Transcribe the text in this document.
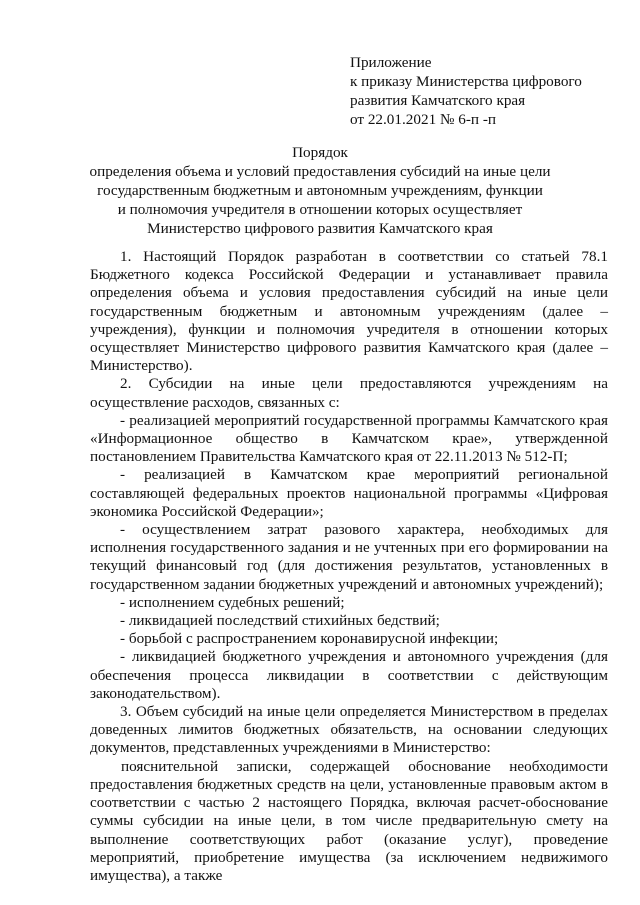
Приложение
к приказу Министерства цифрового
развития Камчатского края
от 22.01.2021 № 6-п -п
Порядок
определения объема и условий предоставления субсидий на иные цели
государственным бюджетным и автономным учреждениям, функции
и полномочия учредителя в отношении которых осуществляет
Министерство цифрового развития Камчатского края

1. Настоящий Порядок разработан в соответствии со статьей 78.1 Бюджетного кодекса Российской Федерации и устанавливает правила определения объема и условия предоставления субсидий на иные цели государственным бюджетным и автономным учреждениям (далее – учреждения), функции и полномочия учредителя в отношении которых осуществляет Министерство цифрового развития Камчатского края (далее – Министерство).

2. Субсидии на иные цели предоставляются учреждениям на осуществление расходов, связанных с:

- реализацией мероприятий государственной программы Камчатского края «Информационное общество в Камчатском крае», утвержденной постановлением Правительства Камчатского края от 22.11.2013 № 512-П;

- реализацией в Камчатском крае мероприятий региональной составляющей федеральных проектов национальной программы «Цифровая экономика Российской Федерации»;

- осуществлением затрат разового характера, необходимых для исполнения государственного задания и не учтенных при его формировании на текущий финансовый год (для достижения результатов, установленных в государственном задании бюджетных учреждений и автономных учреждений);

- исполнением судебных решений;

- ликвидацией последствий стихийных бедствий;

- борьбой с распространением коронавирусной инфекции;

- ликвидацией бюджетного учреждения и автономного учреждения (для обеспечения процесса ликвидации в соответствии с действующим законодательством).

3. Объем субсидий на иные цели определяется Министерством в пределах доведенных лимитов бюджетных обязательств, на основании следующих документов, представленных учреждениями в Министерство:

пояснительной записки, содержащей обоснование необходимости предоставления бюджетных средств на цели, установленные правовым актом в соответствии с частью 2 настоящего Порядка, включая расчет-обоснование суммы субсидии на иные цели, в том числе предварительную смету на выполнение соответствующих работ (оказание услуг), проведение мероприятий, приобретение имущества (за исключением недвижимого имущества), а также
